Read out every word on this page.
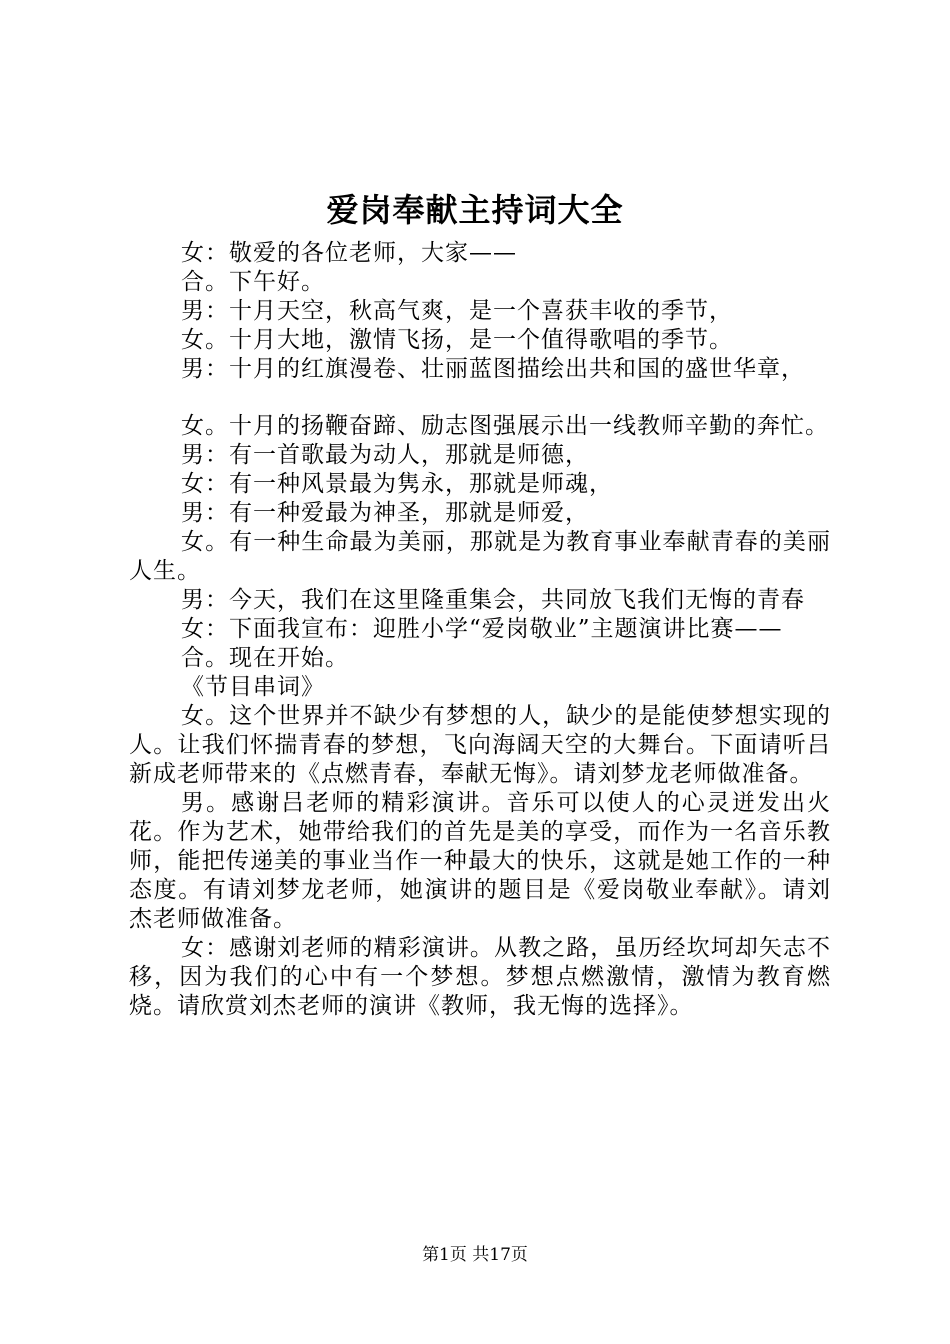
爱岗奉献主持词大全

女：敬爱的各位老师，大家——

合。下午好。

男：十月天空，秋高气爽，是一个喜获丰收的季节，

女。十月大地，激情飞扬，是一个值得歌唱的季节。

男：十月的红旗漫卷、壮丽蓝图描绘出共和国的盛世华章，

女。十月的扬鞭奋蹄、励志图强展示出一线教师辛勤的奔忙。

男：有一首歌最为动人，那就是师德，

女：有一种风景最为隽永，那就是师魂，

男：有一种爱最为神圣，那就是师爱，

女。有一种生命最为美丽，那就是为教育事业奉献青春的美丽人生。

男：今天，我们在这里隆重集会，共同放飞我们无悔的青春

女：下面我宣布：迎胜小学“爱岗敬业”主题演讲比赛——

合。现在开始。

《节目串词》

女。这个世界并不缺少有梦想的人，缺少的是能使梦想实现的人。让我们怀揣青春的梦想，飞向海阔天空的大舞台。下面请听吕新成老师带来的《点燃青春，奉献无悔》。请刘梦龙老师做准备。

男。感谢吕老师的精彩演讲。音乐可以使人的心灵迸发出火花。作为艺术，她带给我们的首先是美的享受，而作为一名音乐教师，能把传递美的事业当作一种最大的快乐，这就是她工作的一种态度。有请刘梦龙老师，她演讲的题目是《爱岗敬业奉献》。请刘杰老师做准备。

女：感谢刘老师的精彩演讲。从教之路，虽历经坎坷却矢志不移，因为我们的心中有一个梦想。梦想点燃激情，激情为教育燃烧。请欣赏刘杰老师的演讲《教师，我无悔的选择》。

第1页 共17页
